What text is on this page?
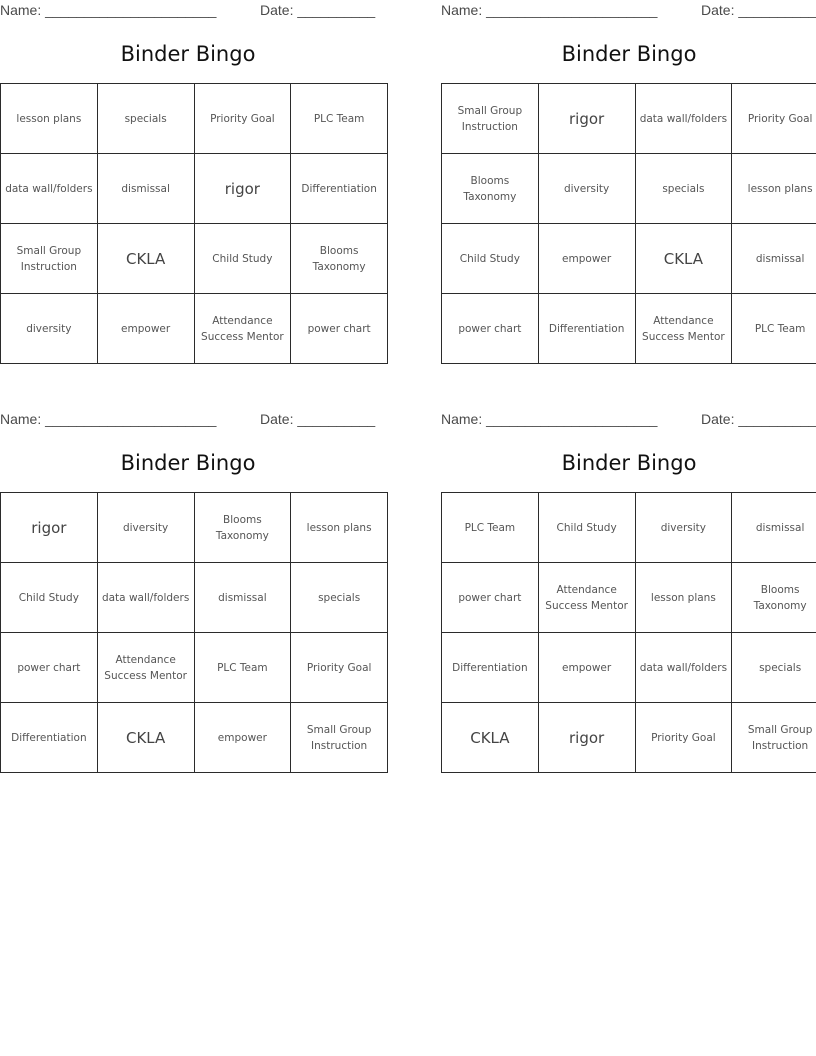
Name: ______________________	Date: __________
Binder Bingo
lesson plans	specials	Priority Goal	PLC Team
data wall/folders	dismissal	rigor	Differentiation
Small Group Instruction	CKLA	Child Study	Blooms Taxonomy
diversity	empower	Attendance Success Mentor	power chart
Name: ______________________	Date: __________
Binder Bingo
Small Group Instruction	rigor	data wall/folders	Priority Goal
Blooms Taxonomy	diversity	specials	lesson plans
Child Study	empower	CKLA	dismissal
power chart	Differentiation	Attendance Success Mentor	PLC Team
Name: ______________________	Date: __________
Binder Bingo
rigor	diversity	Blooms Taxonomy	lesson plans
Child Study	data wall/folders	dismissal	specials
power chart	Attendance Success Mentor	PLC Team	Priority Goal
Differentiation	CKLA	empower	Small Group Instruction
Name: ______________________	Date: __________
Binder Bingo
PLC Team	Child Study	diversity	dismissal
power chart	Attendance Success Mentor	lesson plans	Blooms Taxonomy
Differentiation	empower	data wall/folders	specials
CKLA	rigor	Priority Goal	Small Group Instruction
